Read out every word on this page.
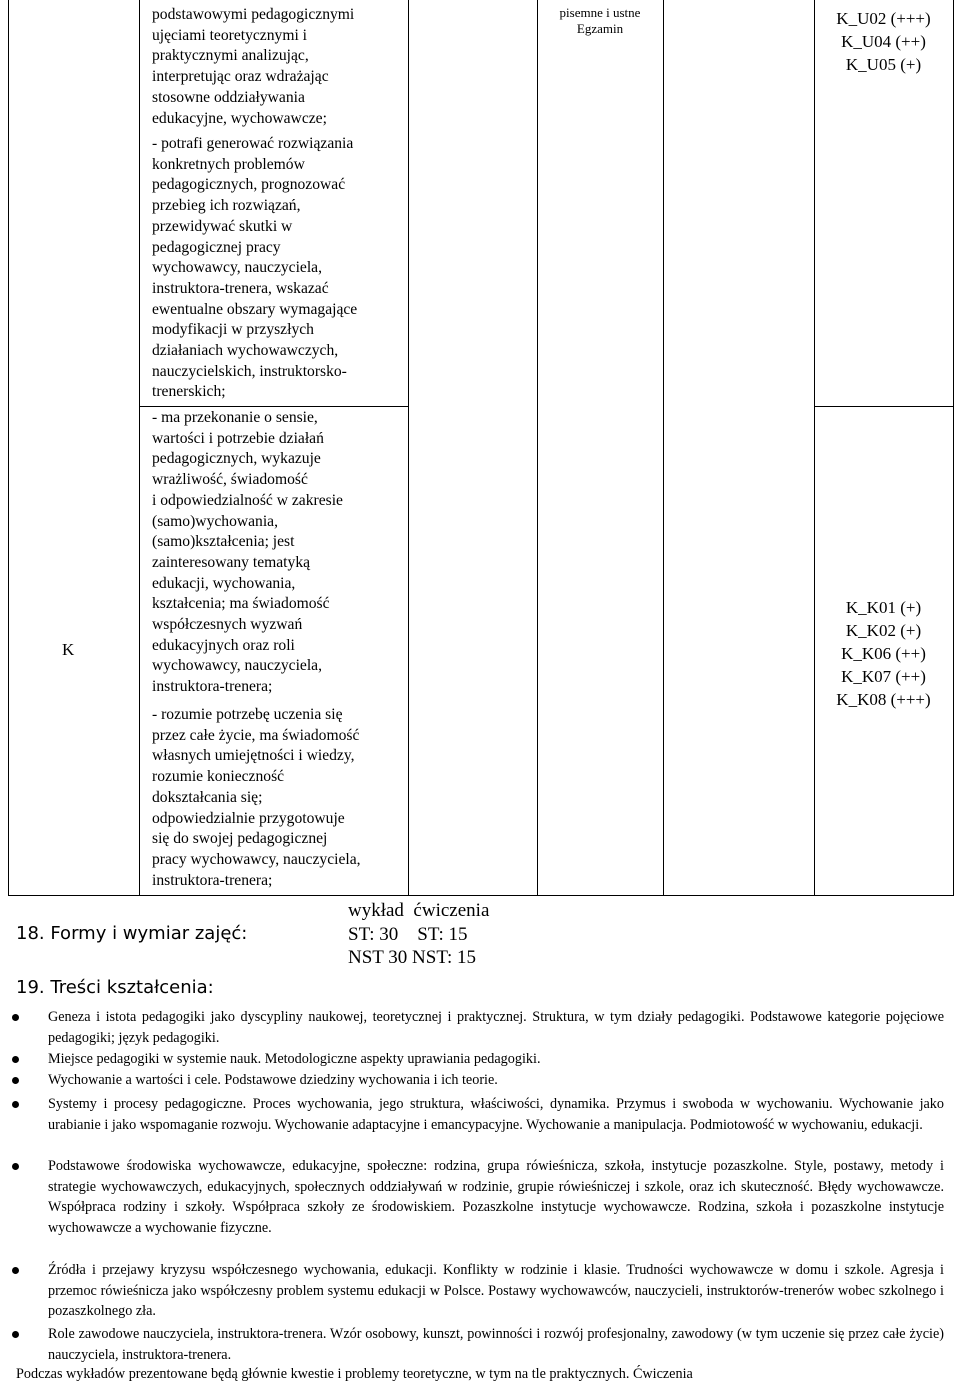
K
podstawowymi pedagogicznymi
ujęciami teoretycznymi i
praktycznymi analizując,
interpretując oraz wdrażając
stosowne oddziaływania
edukacyjne, wychowawcze;
- potrafi generować rozwiązania
konkretnych problemów
pedagogicznych, prognozować
przebieg ich rozwiązań,
przewidywać skutki w
pedagogicznej pracy
wychowawcy, nauczyciela,
instruktora-trenera, wskazać
ewentualne obszary wymagające
modyfikacji w przyszłych
działaniach wychowawczych,
nauczycielskich, instruktorsko-
trenerskich;
- ma przekonanie o sensie,
wartości i potrzebie działań
pedagogicznych, wykazuje
wrażliwość, świadomość
i odpowiedzialność w zakresie
(samo)wychowania,
(samo)kształcenia; jest
zainteresowany tematyką
edukacji, wychowania,
kształcenia; ma świadomość
współczesnych wyzwań
edukacyjnych oraz roli
wychowawcy, nauczyciela,
instruktora-trenera;
- rozumie potrzebę uczenia się
przez całe życie, ma świadomość
własnych umiejętności i wiedzy,
rozumie konieczność
dokształcania się;
odpowiedzialnie przygotowuje
się do swojej pedagogicznej
pracy wychowawcy, nauczyciela,
instruktora-trenera;
pisemne i ustne
Egzamin
K_U02 (+++)
K_U04 (++)
K_U05 (+)
K_K01 (+)
K_K02 (+)
K_K06 (++)
K_K07 (++)
K_K08 (+++)
18. Formy i wymiar zajęć:
wykład  ćwiczenia
ST: 30    ST: 15
NST 30 NST: 15
19. Treści kształcenia:
Geneza i istota pedagogiki jako dyscypliny naukowej, teoretycznej i praktycznej. Struktura, w tym działy pedagogiki. Podstawowe kategorie pojęciowe pedagogiki; język pedagogiki.
Miejsce pedagogiki w systemie nauk. Metodologiczne aspekty uprawiania pedagogiki.
Wychowanie a wartości i cele. Podstawowe dziedziny wychowania i ich teorie.
Systemy i procesy pedagogiczne. Proces wychowania, jego struktura, właściwości, dynamika. Przymus i swoboda w wychowaniu. Wychowanie jako urabianie i jako wspomaganie rozwoju. Wychowanie adaptacyjne i emancypacyjne. Wychowanie a manipulacja. Podmiotowość w wychowaniu, edukacji.
Podstawowe środowiska wychowawcze, edukacyjne, społeczne: rodzina, grupa rówieśnicza, szkoła, instytucje pozaszkolne. Style, postawy, metody i strategie wychowawczych, edukacyjnych, społecznych oddziaływań w rodzinie, grupie rówieśniczej i szkole, oraz ich skuteczność. Błędy wychowawcze. Współpraca rodziny i szkoły. Współpraca szkoły ze środowiskiem. Pozaszkolne instytucje wychowawcze. Rodzina, szkoła i pozaszkolne instytucje wychowawcze a wychowanie fizyczne.
Źródła i przejawy kryzysu współczesnego wychowania, edukacji. Konflikty w rodzinie i klasie. Trudności wychowawcze w domu i szkole. Agresja i przemoc rówieśnicza jako współczesny problem systemu edukacji w Polsce. Postawy wychowawców, nauczycieli, instruktorów-trenerów wobec szkolnego i pozaszkolnego zła.
Role zawodowe nauczyciela, instruktora-trenera. Wzór osobowy, kunszt, powinności i rozwój profesjonalny, zawodowy (w tym uczenie się przez całe życie) nauczyciela, instruktora-trenera.
Podczas wykładów prezentowane będą głównie kwestie i problemy teoretyczne, w tym na tle praktycznych. Ćwiczenia
